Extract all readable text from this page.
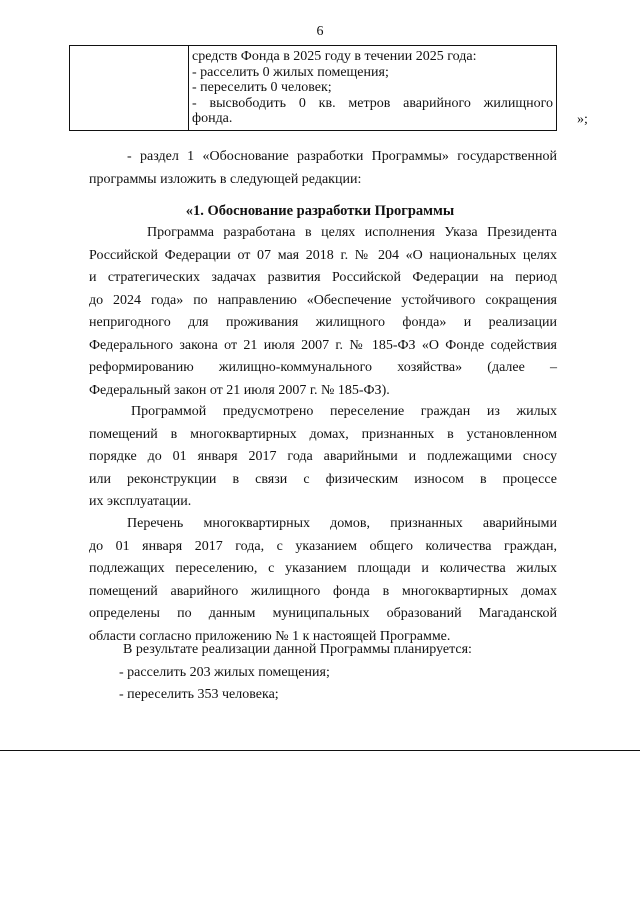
6

средств Фонда в 2025 году в течении 2025 года:
- расселить 0 жилых помещения;
- переселить 0 человек;
- высвободить 0 кв. метров аварийного жилищного
фонда.	»;
- раздел 1 «Обоснование разработки Программы» государственной
программы изложить в следующей редакции:
«1. Обоснование разработки Программы
Программа разработана в целях исполнения Указа Президента
Российской Федерации от 07 мая 2018 г. № 204 «О национальных целях
и стратегических задачах развития Российской Федерации на период
до 2024 года» по направлению «Обеспечение устойчивого сокращения
непригодного для проживания жилищного фонда» и реализации
Федерального закона от 21 июля 2007 г. № 185-ФЗ «О Фонде содействия
реформированию жилищно-коммунального хозяйства» (далее –
Федеральный закон от 21 июля 2007 г. № 185-ФЗ).
Программой предусмотрено переселение граждан из жилых
помещений в многоквартирных домах, признанных в установленном
порядке до 01 января 2017 года аварийными и подлежащими сносу
или реконструкции в связи с физическим износом в процессе
их эксплуатации.
Перечень многоквартирных домов, признанных аварийными
до 01 января 2017 года, с указанием общего количества граждан,
подлежащих переселению, с указанием площади и количества жилых
помещений аварийного жилищного фонда в многоквартирных домах
определены по данным муниципальных образований Магаданской
области согласно приложению № 1 к настоящей Программе.
В результате реализации данной Программы планируется:
- расселить 203 жилых помещения;
- переселить 353 человека;
